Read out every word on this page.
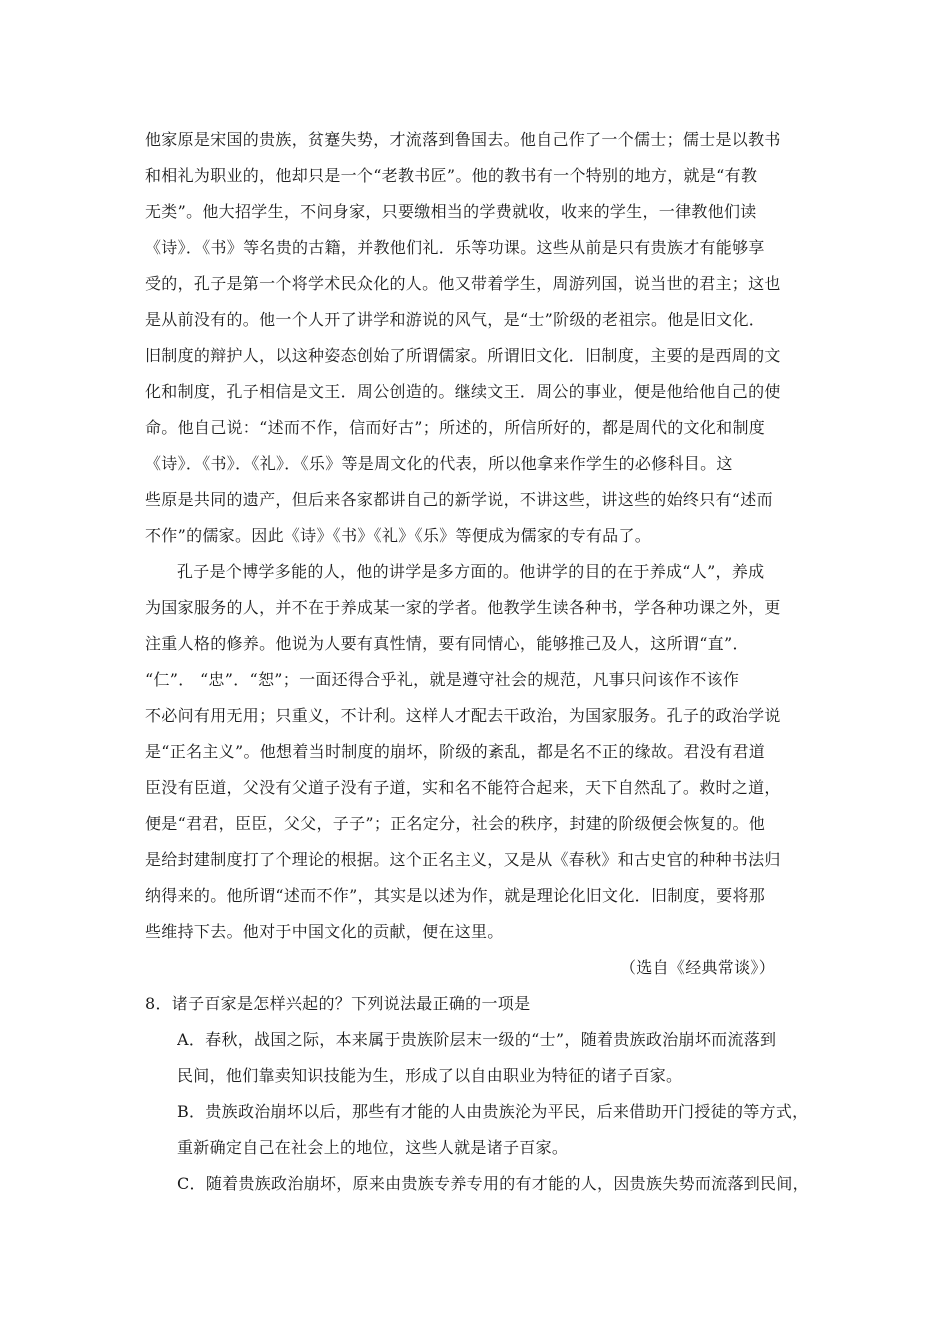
他家原是宋国的贵族，贫蹇失势，才流落到鲁国去。他自己作了一个儒士；儒士是以教书
和相礼为职业的，他却只是一个“老教书匠”。他的教书有一个特别的地方，就是“有教
无类”。他大招学生，不问身家，只要缴相当的学费就收，收来的学生，一律教他们读
《诗》．《书》等名贵的古籍，并教他们礼．乐等功课。这些从前是只有贵族才有能够享
受的，孔子是第一个将学术民众化的人。他又带着学生，周游列国，说当世的君主；这也
是从前没有的。他一个人开了讲学和游说的风气，是“士”阶级的老祖宗。他是旧文化．
旧制度的辩护人，以这种姿态创始了所谓儒家。所谓旧文化．旧制度，主要的是西周的文
化和制度，孔子相信是文王．周公创造的。继续文王．周公的事业，便是他给他自己的使
命。他自己说：“述而不作，信而好古”；所述的，所信所好的，都是周代的文化和制度
《诗》．《书》．《礼》．《乐》等是周文化的代表，所以他拿来作学生的必修科目。这
些原是共同的遗产，但后来各家都讲自己的新学说，不讲这些，讲这些的始终只有“述而
不作”的儒家。因此《诗》《书》《礼》《乐》等便成为儒家的专有品了。
孔子是个博学多能的人，他的讲学是多方面的。他讲学的目的在于养成“人”，养成
为国家服务的人，并不在于养成某一家的学者。他教学生读各种书，学各种功课之外，更
注重人格的修养。他说为人要有真性情，要有同情心，能够推己及人，这所谓“直”．
“仁”． “忠”．“恕”；一面还得合乎礼，就是遵守社会的规范，凡事只问该作不该作
不必问有用无用；只重义，不计利。这样人才配去干政治，为国家服务。孔子的政治学说
是“正名主义”。他想着当时制度的崩坏，阶级的紊乱，都是名不正的缘故。君没有君道
臣没有臣道，父没有父道子没有子道，实和名不能符合起来，天下自然乱了。救时之道，
便是“君君，臣臣，父父，子子”；正名定分，社会的秩序，封建的阶级便会恢复的。他
是给封建制度打了个理论的根据。这个正名主义，又是从《春秋》和古史官的种种书法归
纳得来的。他所谓“述而不作”，其实是以述为作，就是理论化旧文化．旧制度，要将那
些维持下去。他对于中国文化的贡献，便在这里。
（选自《经典常谈》）
8．诸子百家是怎样兴起的？下列说法最正确的一项是
A．春秋，战国之际，本来属于贵族阶层末一级的“士”，随着贵族政治崩坏而流落到
民间，他们靠卖知识技能为生，形成了以自由职业为特征的诸子百家。
B．贵族政治崩坏以后，那些有才能的人由贵族沦为平民，后来借助开门授徒的等方式，
重新确定自己在社会上的地位，这些人就是诸子百家。
C．随着贵族政治崩坏，原来由贵族专养专用的有才能的人，因贵族失势而流落到民间，
